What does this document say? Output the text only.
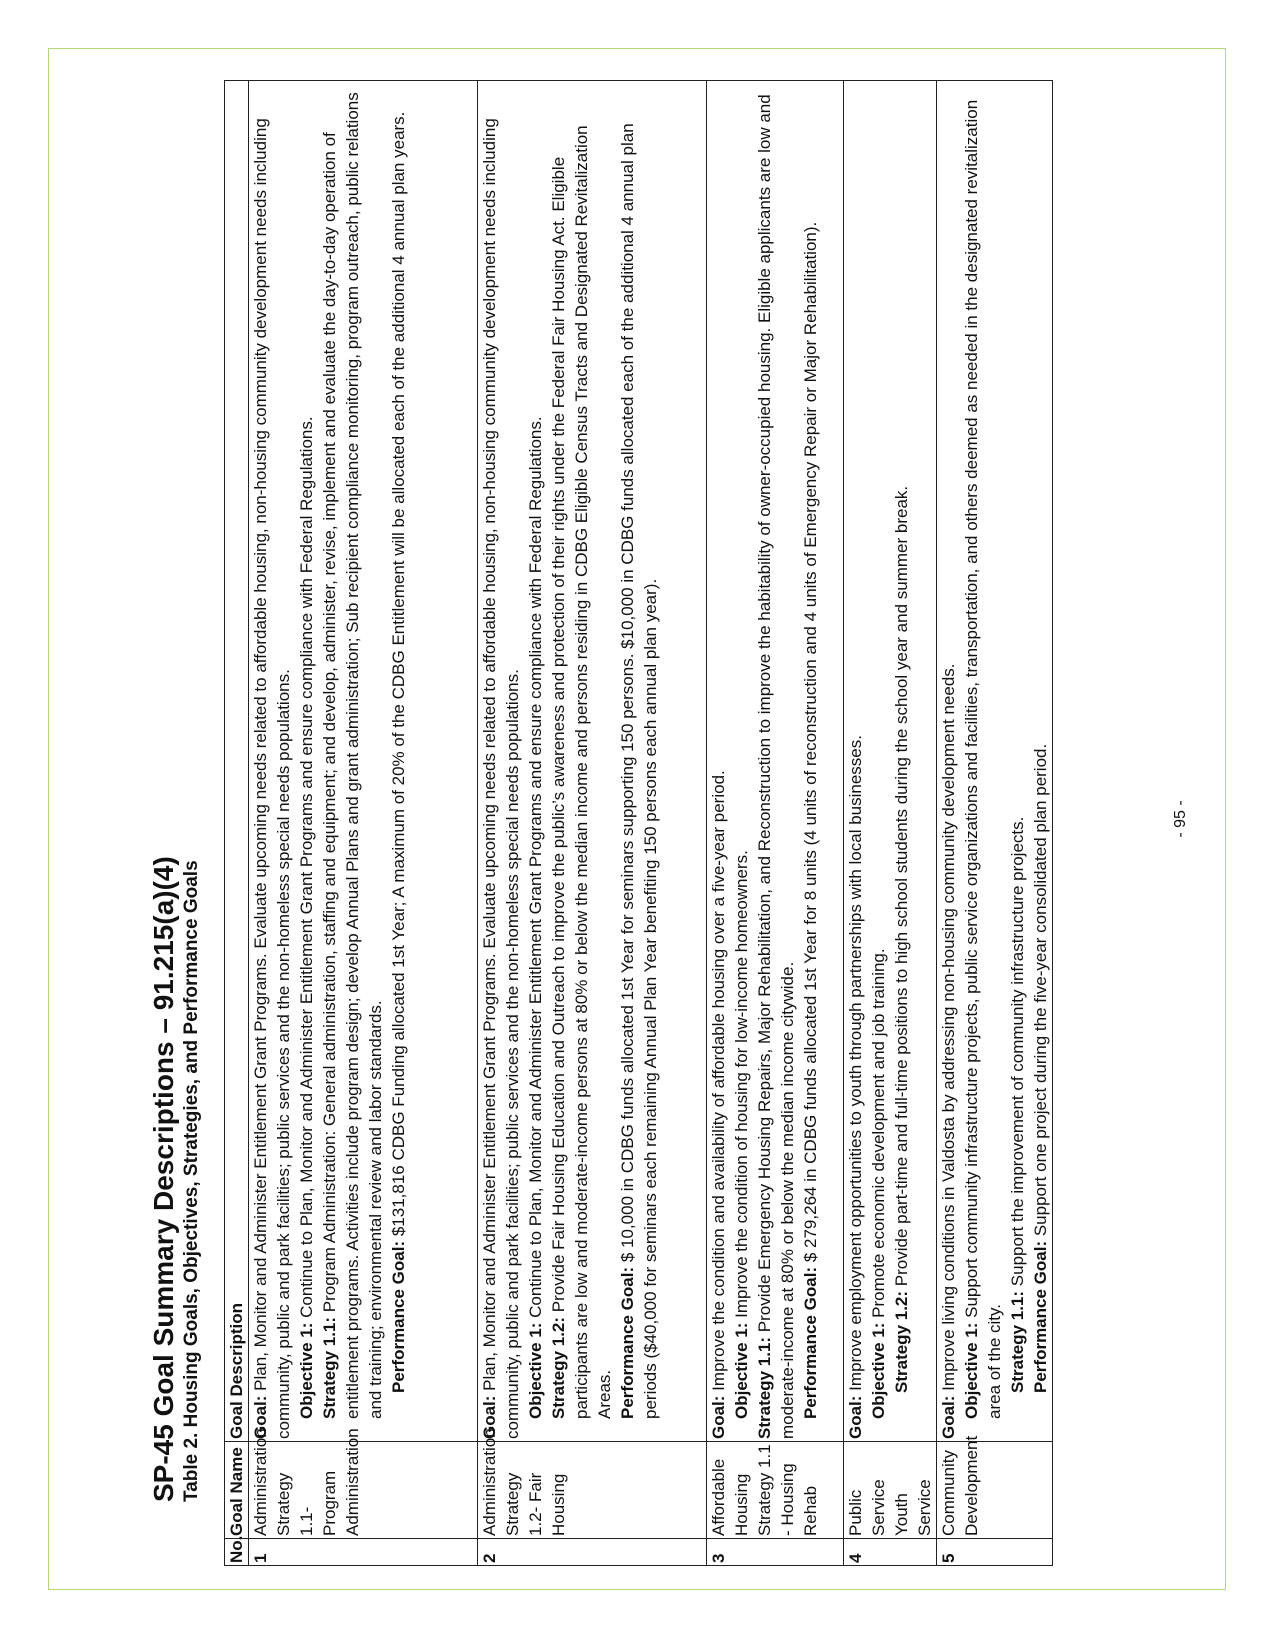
SP-45 Goal Summary Descriptions – 91.215(a)(4) Table 2. Housing Goals, Objectives, Strategies, and Performance Goals

No.	Goal Name	Goal Description
1	Administration Strategy 1.1- Program Administration	Goal: Plan, Monitor and Administer Entitlement Grant Programs. Evaluate upcoming needs related to affordable housing, non-housing community development needs including community, public and park facilities; public services and the non-homeless special needs populations. Objective 1: Continue to Plan, Monitor and Administer Entitlement Grant Programs and ensure compliance with Federal Regulations.
Strategy 1.1: Program Administration: General administration, staffing and equipment; and develop, administer, revise, implement and evaluate the day-to-day operation of entitlement programs. Activities include program design; develop Annual Plans and grant administration; Sub recipient compliance monitoring, program outreach, public relations and training; environmental review and labor standards. Performance Goal: $131,816 CDBG Funding allocated 1st Year; A maximum of 20% of the CDBG Entitlement will be allocated each of the additional 4 annual plan years.

2	Administration Strategy 1.2- Fair Housing	Goal: Plan, Monitor and Administer Entitlement Grant Programs. Evaluate upcoming needs related to affordable housing, non-housing community development needs including community, public and park facilities; public services and the non-homeless special needs populations. Objective 1: Continue to Plan, Monitor and Administer Entitlement Grant Programs and ensure compliance with Federal Regulations.
Strategy 1.2: Provide Fair Housing Education and Outreach to improve the public’s awareness and protection of their rights under the Federal Fair Housing Act. Eligible participants are low and moderate-income persons at 80% or below the median income and persons residing in CDBG Eligible Census Tracts and Designated Revitalization Areas. Performance Goal: $ 10,000 in CDBG funds allocated 1st Year for seminars supporting 150 persons. $10,000 in CDBG funds allocated each of the additional 4 annual plan periods ($40,000 for seminars each remaining Annual Plan Year benefiting 150 persons each annual plan year).

3	Affordable Housing Strategy 1.1 - Housing Rehab	Goal: Improve the condition and availability of affordable housing over a five-year period. Objective 1: Improve the condition of housing for low-income homeowners.
Strategy 1.1: Provide Emergency Housing Repairs, Major Rehabilitation, and Reconstruction to improve the habitability of owner-occupied housing. Eligible applicants are low and moderate-income at 80% or below the median income citywide. Performance Goal: $ 279,264 in CDBG funds allocated 1st Year for 8 units (4 units of reconstruction and 4 units of Emergency Repair or Major Rehabilitation).

4	Public Service Youth Service	Goal: Improve employment opportunities to youth through partnerships with local businesses. Objective 1: Promote economic development and job training.
Strategy 1.2: Provide part-time and full-time positions to high school students during the school year and summer break.

5	Community Development	Goal: Improve living conditions in Valdosta by addressing non-housing community development needs. Objective 1: Support community infrastructure projects, public service organizations and facilities, transportation, and others deemed as needed in the designated revitalization area of the city. Strategy 1.1: Support the improvement of community infrastructure projects.
Performance Goal: Support one project during the five-year consolidated plan period.	- 95 -
